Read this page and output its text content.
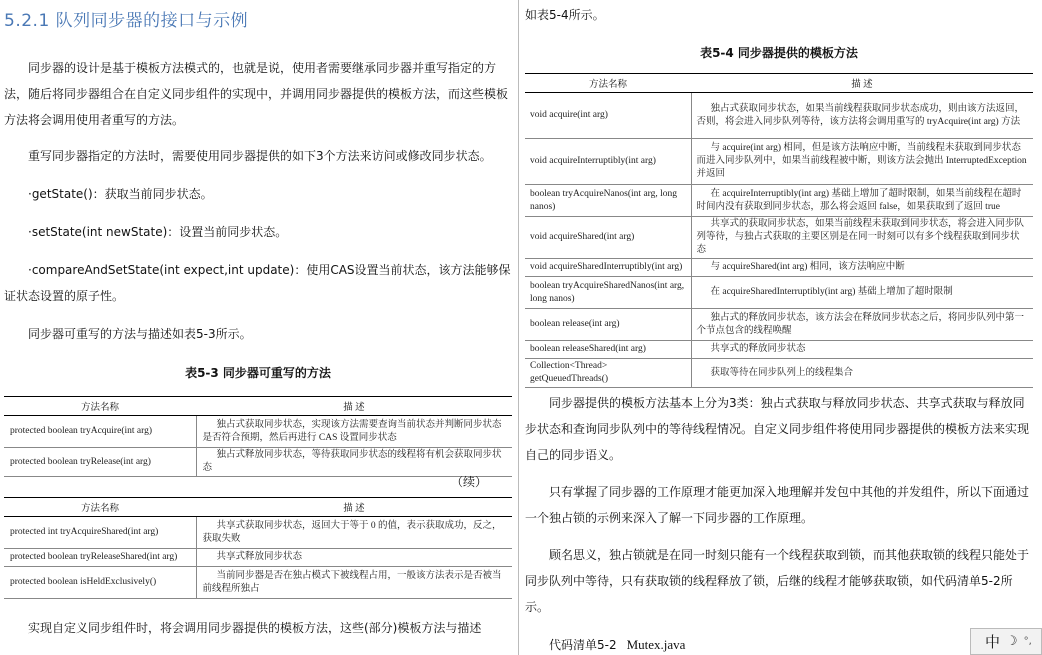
5.2.1 队列同步器的接口与示例
同步器的设计是基于模板方法模式的，也就是说，使用者需要继承同步器并重写指定的方法，随后将同步器组合在自定义同步组件的实现中，并调用同步器提供的模板方法，而这些模板方法将会调用使用者重写的方法。
重写同步器指定的方法时，需要使用同步器提供的如下3个方法来访问或修改同步状态。
·getState()：获取当前同步状态。
·setState(int newState)：设置当前同步状态。
·compareAndSetState(int expect,int update)：使用CAS设置当前状态，该方法能够保证状态设置的原子性。
同步器可重写的方法与描述如表5-3所示。
表5-3 同步器可重写的方法
方法名称	描 述
protected boolean tryAcquire(int arg)	独占式获取同步状态，实现该方法需要查询当前状态并判断同步状态是否符合预期，然后再进行 CAS 设置同步状态
protected boolean tryRelease(int arg)	独占式释放同步状态，等待获取同步状态的线程将有机会获取同步状态
（续）
方法名称	描 述
protected int tryAcquireShared(int arg)	共享式获取同步状态，返回大于等于 0 的值，表示获取成功，反之，获取失败
protected boolean tryReleaseShared(int arg)	共享式释放同步状态
protected boolean isHeldExclusively()	当前同步器是否在独占模式下被线程占用，一般该方法表示是否被当前线程所独占
实现自定义同步组件时，将会调用同步器提供的模板方法，这些(部分)模板方法与描述
如表5-4所示。
表5-4 同步器提供的模板方法
同步器提供的模板方法基本上分为3类：独占式获取与释放同步状态、共享式获取与释放同步状态和查询同步队列中的等待线程情况。自定义同步组件将使用同步器提供的模板方法来实现自己的同步语义。
只有掌握了同步器的工作原理才能更加深入地理解并发包中其他的并发组件，所以下面通过一个独占锁的示例来深入了解一下同步器的工作原理。
顾名思义，独占锁就是在同一时刻只能有一个线程获取到锁，而其他获取锁的线程只能处于同步队列中等待，只有获取锁的线程释放了锁，后继的线程才能够获取锁，如代码清单5-2所示。
方法名称	描 述
void acquire(int arg)	独占式获取同步状态，如果当前线程获取同步状态成功，则由该方法返回，否则，将会进入同步队列等待，该方法将会调用重写的 tryAcquire(int arg) 方法
void acquireInterruptibly(int arg)	与 acquire(int arg) 相同，但是该方法响应中断，当前线程未获取到同步状态而进入同步队列中，如果当前线程被中断，则该方法会抛出 InterruptedException 并返回
boolean tryAcquireNanos(int arg, long nanos)	在 acquireInterruptibly(int arg) 基础上增加了超时限制，如果当前线程在超时时间内没有获取到同步状态，那么将会返回 false，如果获取到了返回 true
void acquireShared(int arg)	共享式的获取同步状态，如果当前线程未获取到同步状态，将会进入同步队列等待，与独占式获取的主要区别是在同一时刻可以有多个线程获取到同步状态
void acquireSharedInterruptibly(int arg)	与 acquireShared(int arg) 相同，该方法响应中断
boolean tryAcquireSharedNanos(int arg, long nanos)	在 acquireSharedInterruptibly(int arg) 基础上增加了超时限制
boolean release(int arg)	独占式的释放同步状态，该方法会在释放同步状态之后，将同步队列中第一个节点包含的线程唤醒
boolean releaseShared(int arg)	共享式的释放同步状态
Collection<Thread> getQueuedThreads()	获取等待在同步队列上的线程集合
代码清单5-2 Mutex.java	中 ☽ °,
